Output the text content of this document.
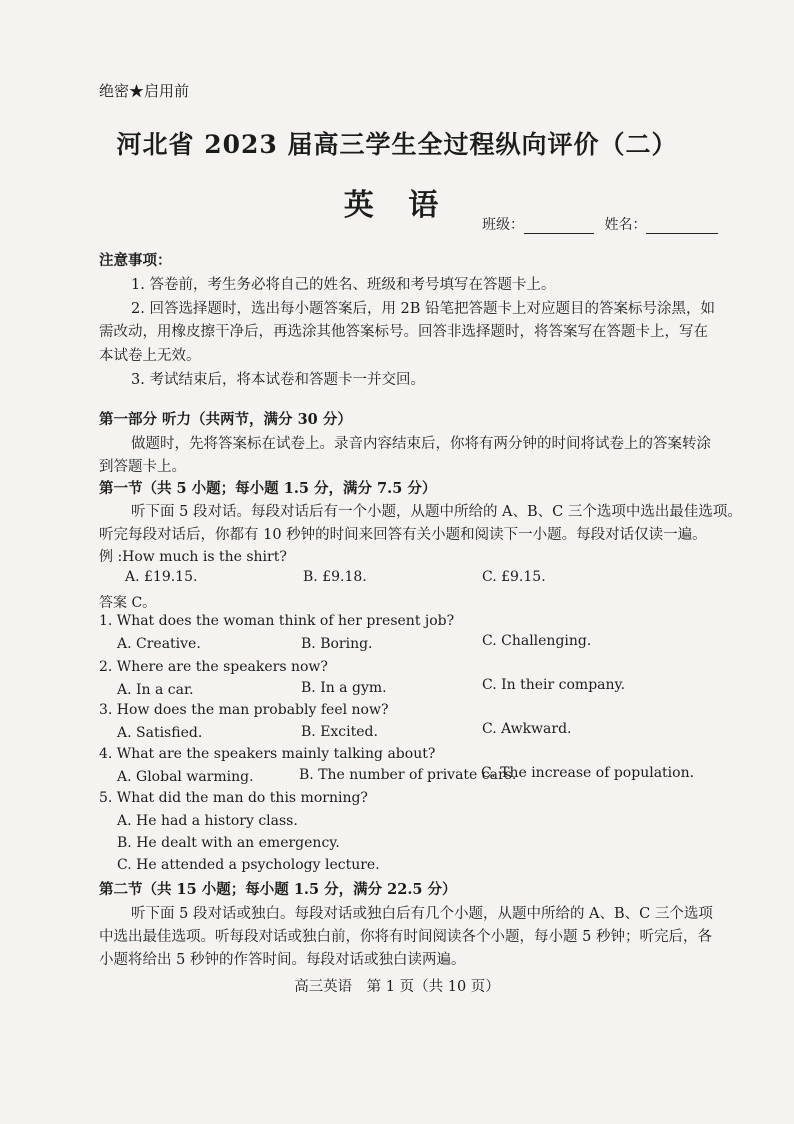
绝密★启用前
河北省 2023 届高三学生全过程纵向评价（二）
英 语
班级：	姓名：
注意事项：
1. 答卷前，考生务必将自己的姓名、班级和考号填写在答题卡上。
2. 回答选择题时，选出每小题答案后，用 2B 铅笔把答题卡上对应题目的答案标号涂黑，如
需改动，用橡皮擦干净后，再选涂其他答案标号。回答非选择题时，将答案写在答题卡上，写在
本试卷上无效。
3. 考试结束后，将本试卷和答题卡一并交回。
第一部分 听力（共两节，满分 30 分）
做题时，先将答案标在试卷上。录音内容结束后，你将有两分钟的时间将试卷上的答案转涂
到答题卡上。
第一节（共 5 小题；每小题 1.5 分，满分 7.5 分）
听下面 5 段对话。每段对话后有一个小题，从题中所给的 A、B、C 三个选项中选出最佳选项。
听完每段对话后，你都有 10 秒钟的时间来回答有关小题和阅读下一小题。每段对话仅读一遍。
例 :How much is the shirt?
A. £19.15.	B. £9.18.	C. £9.15.
答案 C。
1. What does the woman think of her present job?
A. Creative.	B. Boring.	C. Challenging.
2. Where are the speakers now?
A. In a car.	B. In a gym.	C. In their company.
3. How does the man probably feel now?
A. Satisfied.	B. Excited.	C. Awkward.
4. What are the speakers mainly talking about?
A. Global warming.	B. The number of private cars.
C. The increase of population.
5. What did the man do this morning?
A. He had a history class.
B. He dealt with an emergency.
C. He attended a psychology lecture.
第二节（共 15 小题；每小题 1.5 分，满分 22.5 分）
听下面 5 段对话或独白。每段对话或独白后有几个小题，从题中所给的 A、B、C 三个选项
中选出最佳选项。听每段对话或独白前，你将有时间阅读各个小题，每小题 5 秒钟；听完后，各
小题将给出 5 秒钟的作答时间。每段对话或独白读两遍。
高三英语　第 1 页（共 10 页）
